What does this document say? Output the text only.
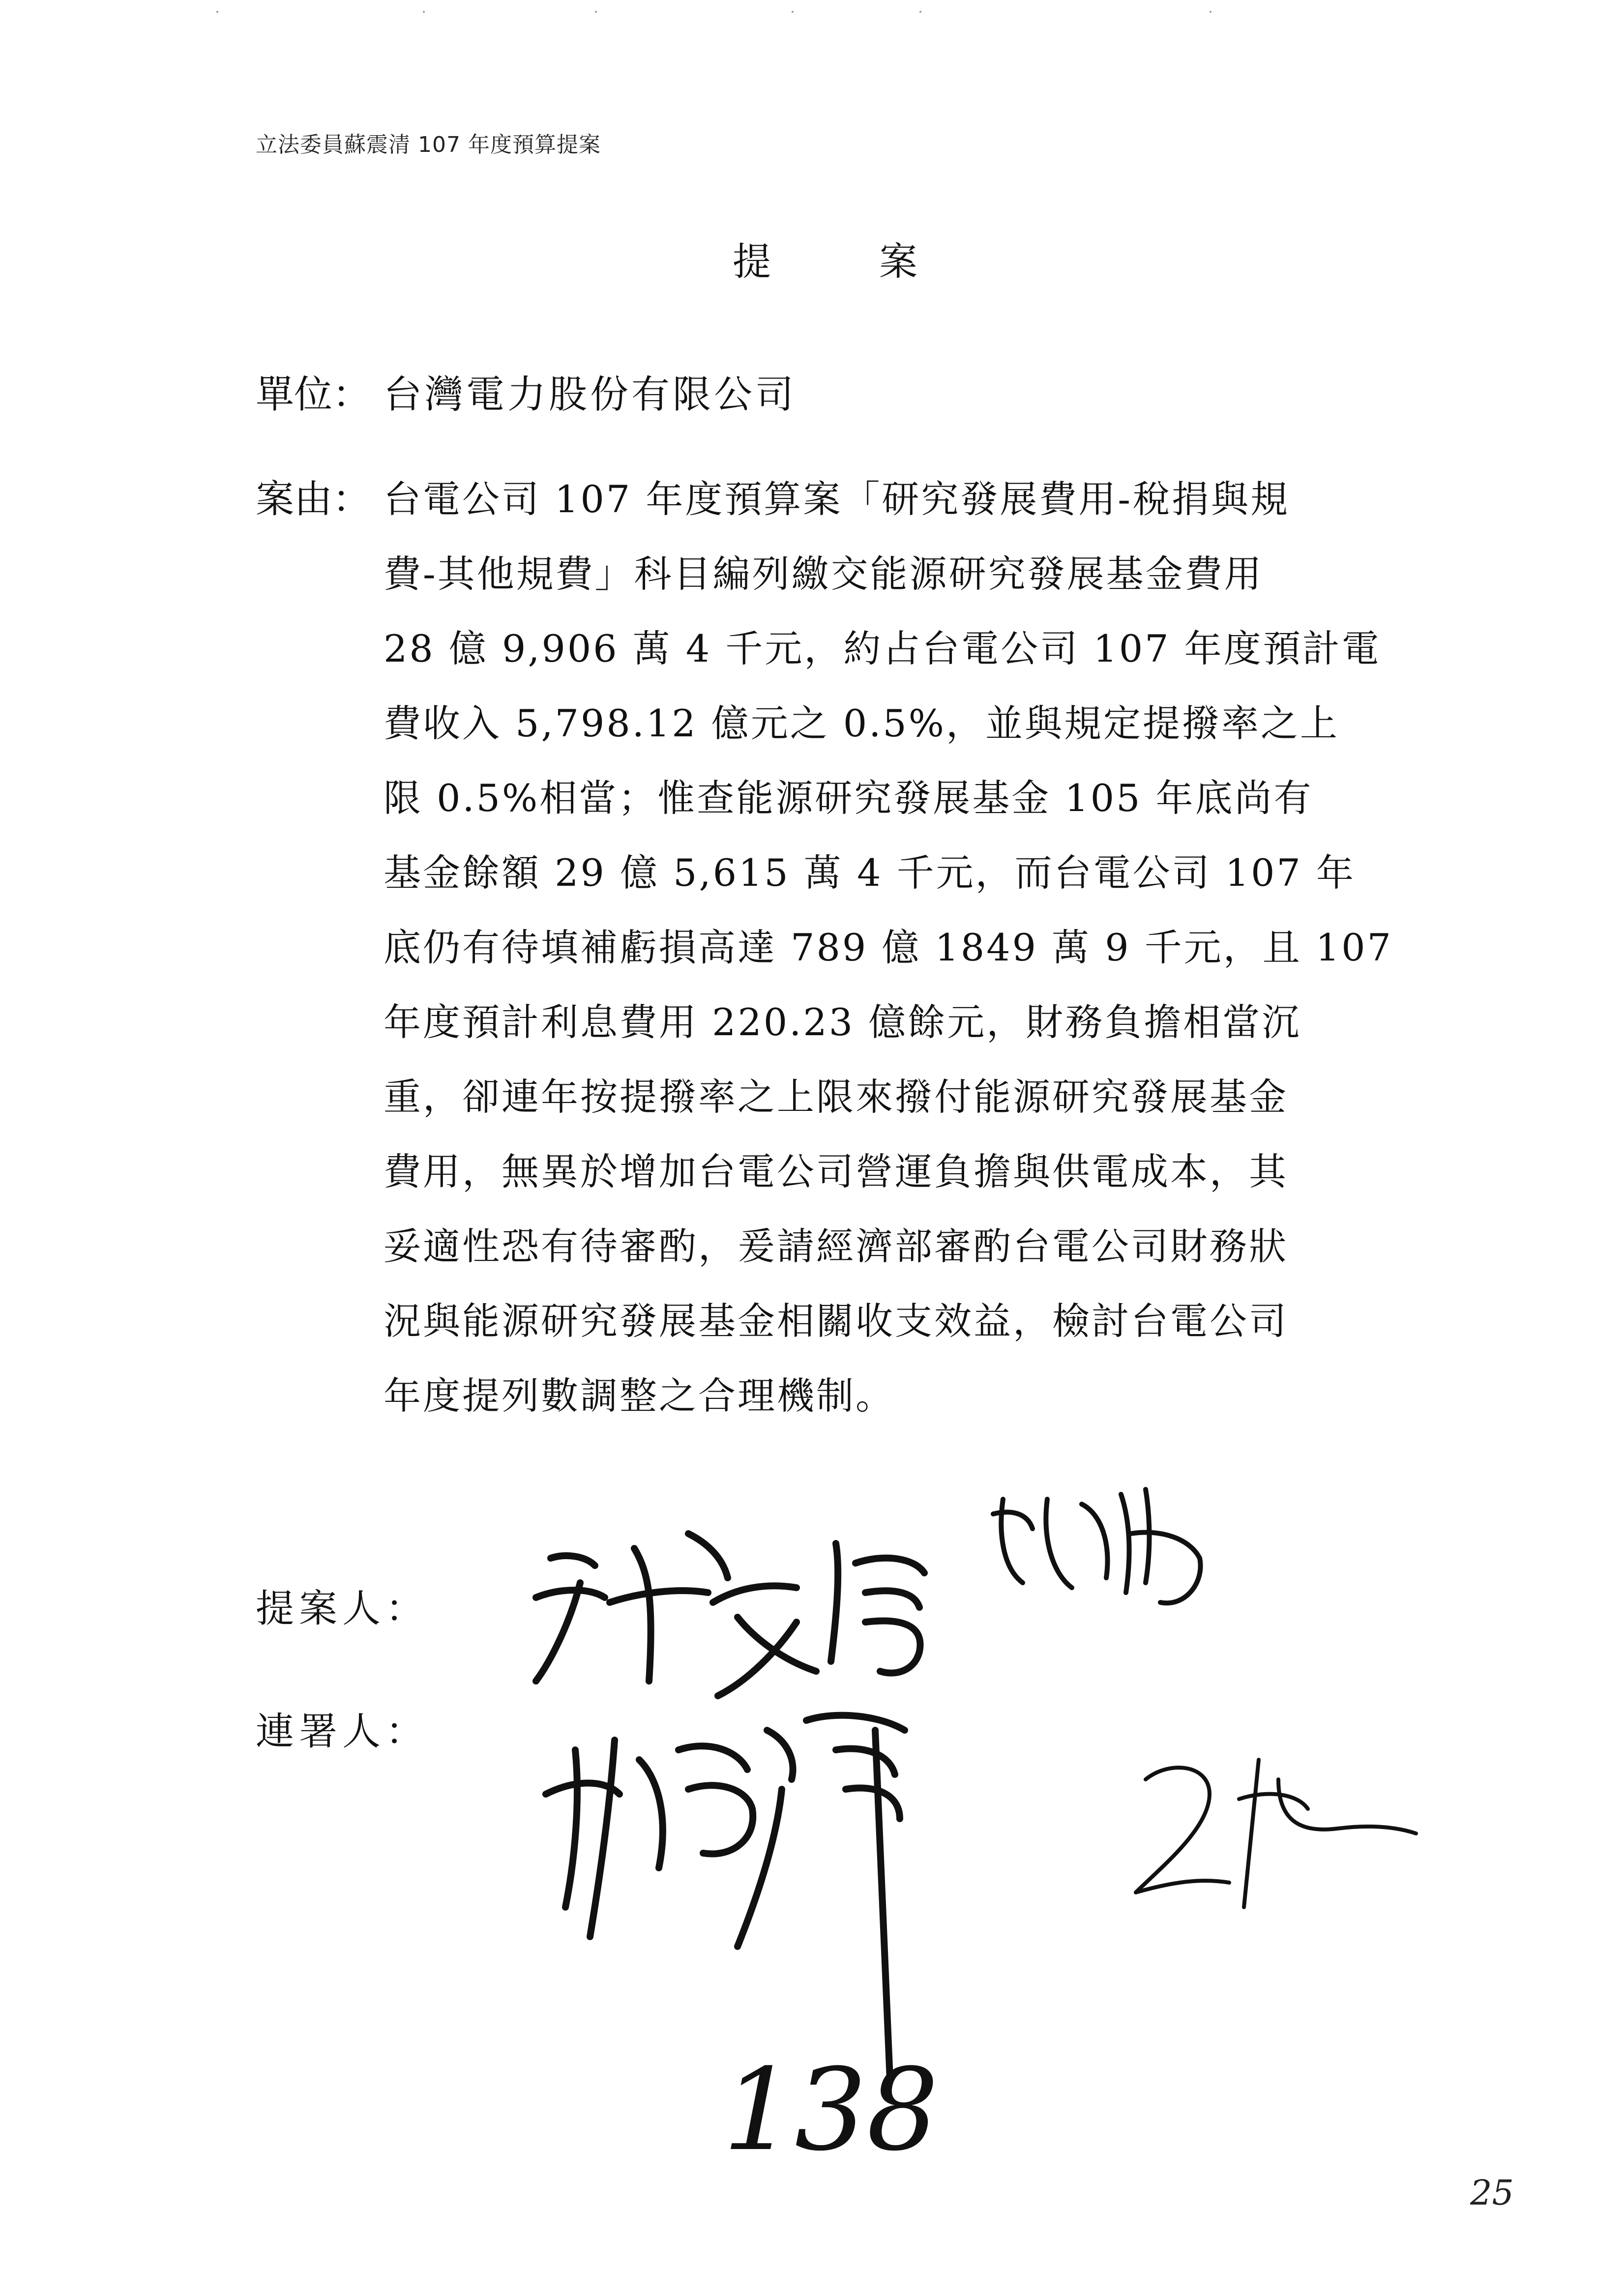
立法委員蘇震清 107 年度預算提案
提案
單位： 台灣電力股份有限公司
案由： 台電公司 107 年度預算案「研究發展費用-稅捐與規
費-其他規費」科目編列繳交能源研究發展基金費用
28 億 9,906 萬 4 千元，約占台電公司 107 年度預計電
費收入 5,798.12 億元之 0.5%，並與規定提撥率之上
限 0.5%相當；惟查能源研究發展基金 105 年底尚有
基金餘額 29 億 5,615 萬 4 千元，而台電公司 107 年
底仍有待填補虧損高達 789 億 1849 萬 9 千元，且 107
年度預計利息費用 220.23 億餘元，財務負擔相當沉
重，卻連年按提撥率之上限來撥付能源研究發展基金
費用，無異於增加台電公司營運負擔與供電成本，其
妥適性恐有待審酌，爰請經濟部審酌台電公司財務狀
況與能源研究發展基金相關收支效益，檢討台電公司
年度提列數調整之合理機制。
提案人：
連署人：
138
25
